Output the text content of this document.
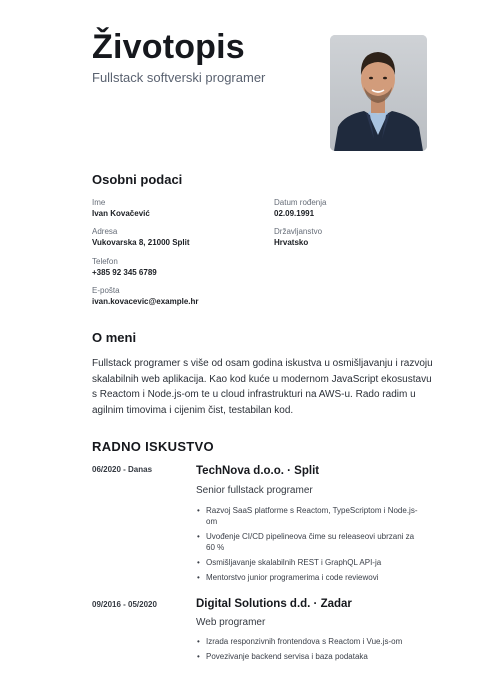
Životopis
Fullstack softverski programer
Osobni podaci
Ime
Ivan Kovačević
Datum rođenja
02.09.1991
Adresa
Vukovarska 8, 21000 Split
Državljanstvo
Hrvatsko
Telefon
+385 92 345 6789
E-pošta
ivan.kovacevic@example.hr
O meni

Fullstack programer s više od osam godina iskustva u osmišljavanju i razvoju skalabilnih web aplikacija. Kao kod kuće u modernom JavaScript ekosustavu s Reactom i Node.js-om te u cloud infrastrukturi na AWS-u. Rado radim u agilnim timovima i cijenim čist, testabilan kod.

RADNO ISKUSTVO
06/2020 - Danas	TechNova d.o.o. · Split
Senior fullstack programer
• Razvoj SaaS platforme s Reactom, TypeScriptom i Node.js-om
• Uvođenje CI/CD pipelineova čime su releaseovi ubrzani za 60 %
• Osmišljavanje skalabilnih REST i GraphQL API-ja
• Mentorstvo junior programerima i code reviewovi
09/2016 - 05/2020	Digital Solutions d.d. · Zadar
Web programer
• Izrada responzivnih frontendova s Reactom i Vue.js-om
• Povezivanje backend servisa i baza podataka
